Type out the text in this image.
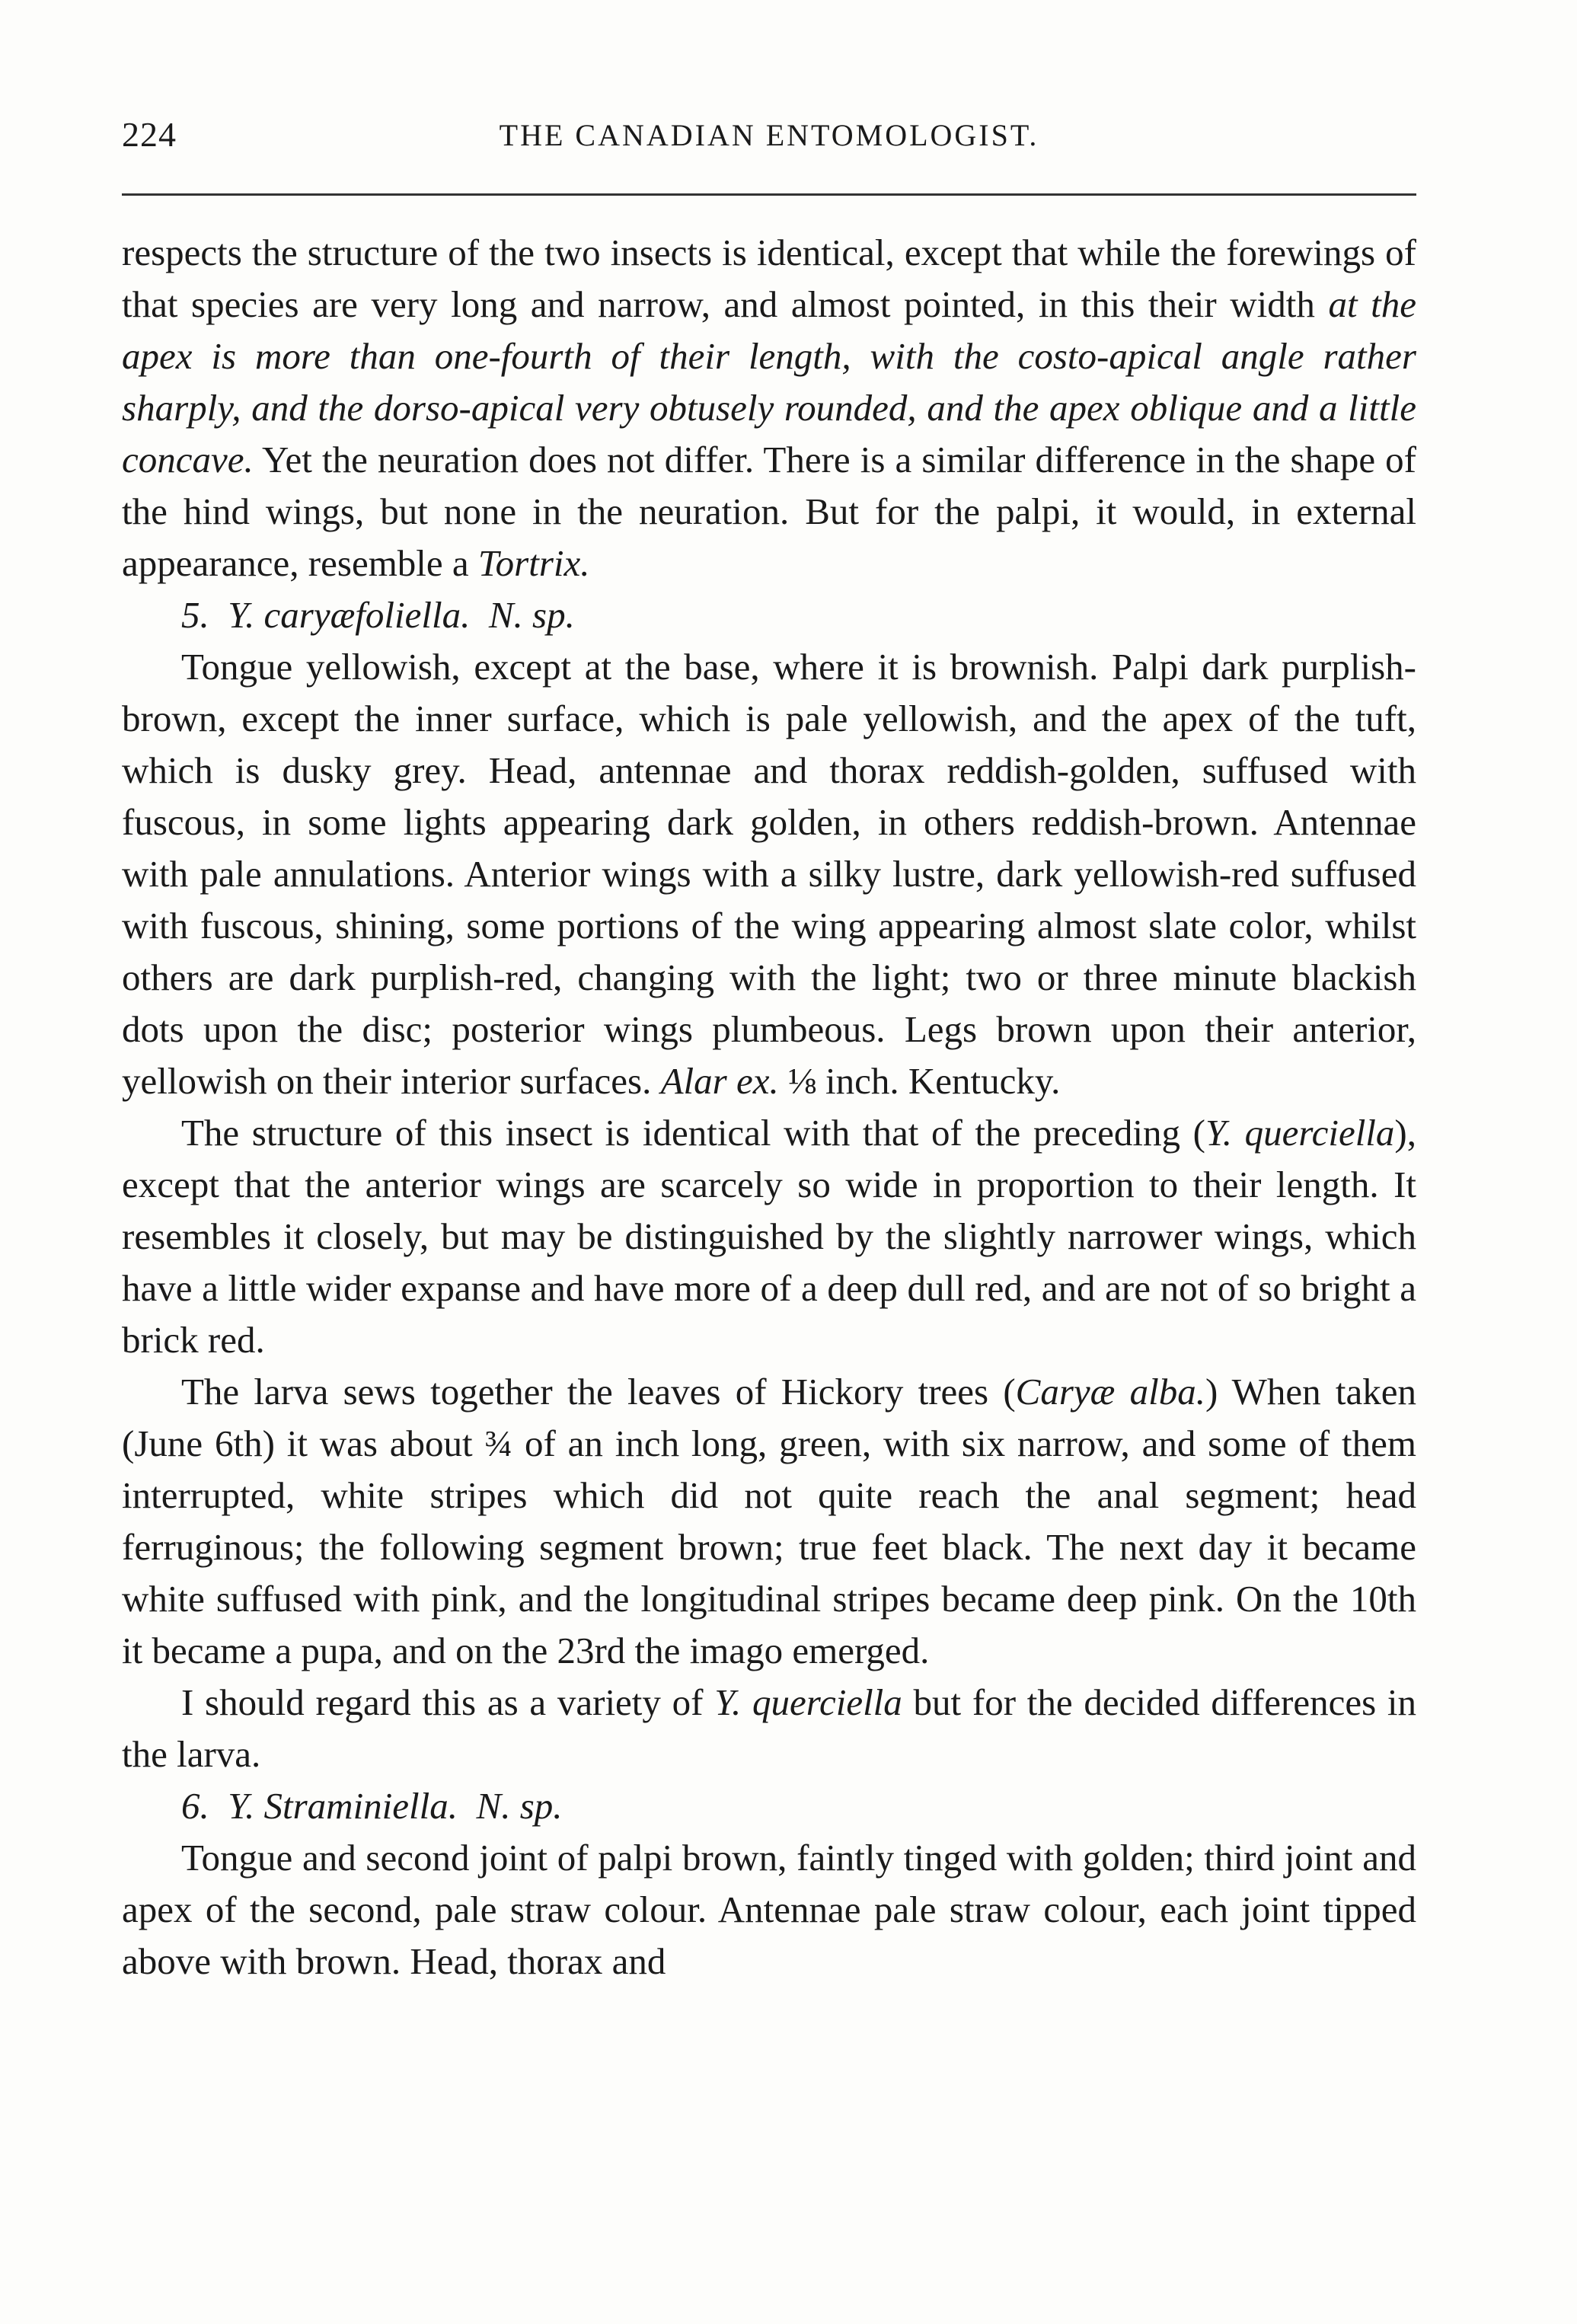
224	THE CANADIAN ENTOMOLOGIST.

respects the structure of the two insects is identical, except that while the forewings of that species are very long and narrow, and almost pointed, in this their width at the apex is more than one-fourth of their length, with the costo-apical angle rather sharply, and the dorso-apical very obtusely rounded, and the apex oblique and a little concave. Yet the neuration does not differ. There is a similar difference in the shape of the hind wings, but none in the neuration. But for the palpi, it would, in external appearance, resemble a Tortrix.

5. Y. caryæfoliella. N. sp.

Tongue yellowish, except at the base, where it is brownish. Palpi dark purplish-brown, except the inner surface, which is pale yellowish, and the apex of the tuft, which is dusky grey. Head, antennae and thorax reddish-golden, suffused with fuscous, in some lights appearing dark golden, in others reddish-brown. Antennae with pale annulations. Anterior wings with a silky lustre, dark yellowish-red suffused with fuscous, shining, some portions of the wing appearing almost slate color, whilst others are dark purplish-red, changing with the light; two or three minute blackish dots upon the disc; posterior wings plumbeous. Legs brown upon their anterior, yellowish on their interior surfaces. Alar ex. ⅛ inch. Kentucky.

The structure of this insect is identical with that of the preceding (Y. querciella), except that the anterior wings are scarcely so wide in proportion to their length. It resembles it closely, but may be distinguished by the slightly narrower wings, which have a little wider expanse and have more of a deep dull red, and are not of so bright a brick red.

The larva sews together the leaves of Hickory trees (Caryæ alba.) When taken (June 6th) it was about ¾ of an inch long, green, with six narrow, and some of them interrupted, white stripes which did not quite reach the anal segment; head ferruginous; the following segment brown; true feet black. The next day it became white suffused with pink, and the longitudinal stripes became deep pink. On the 10th it became a pupa, and on the 23rd the imago emerged.

I should regard this as a variety of Y. querciella but for the decided differences in the larva.

6. Y. Straminiella. N. sp.

Tongue and second joint of palpi brown, faintly tinged with golden; third joint and apex of the second, pale straw colour. Antennae pale straw colour, each joint tipped above with brown. Head, thorax and
